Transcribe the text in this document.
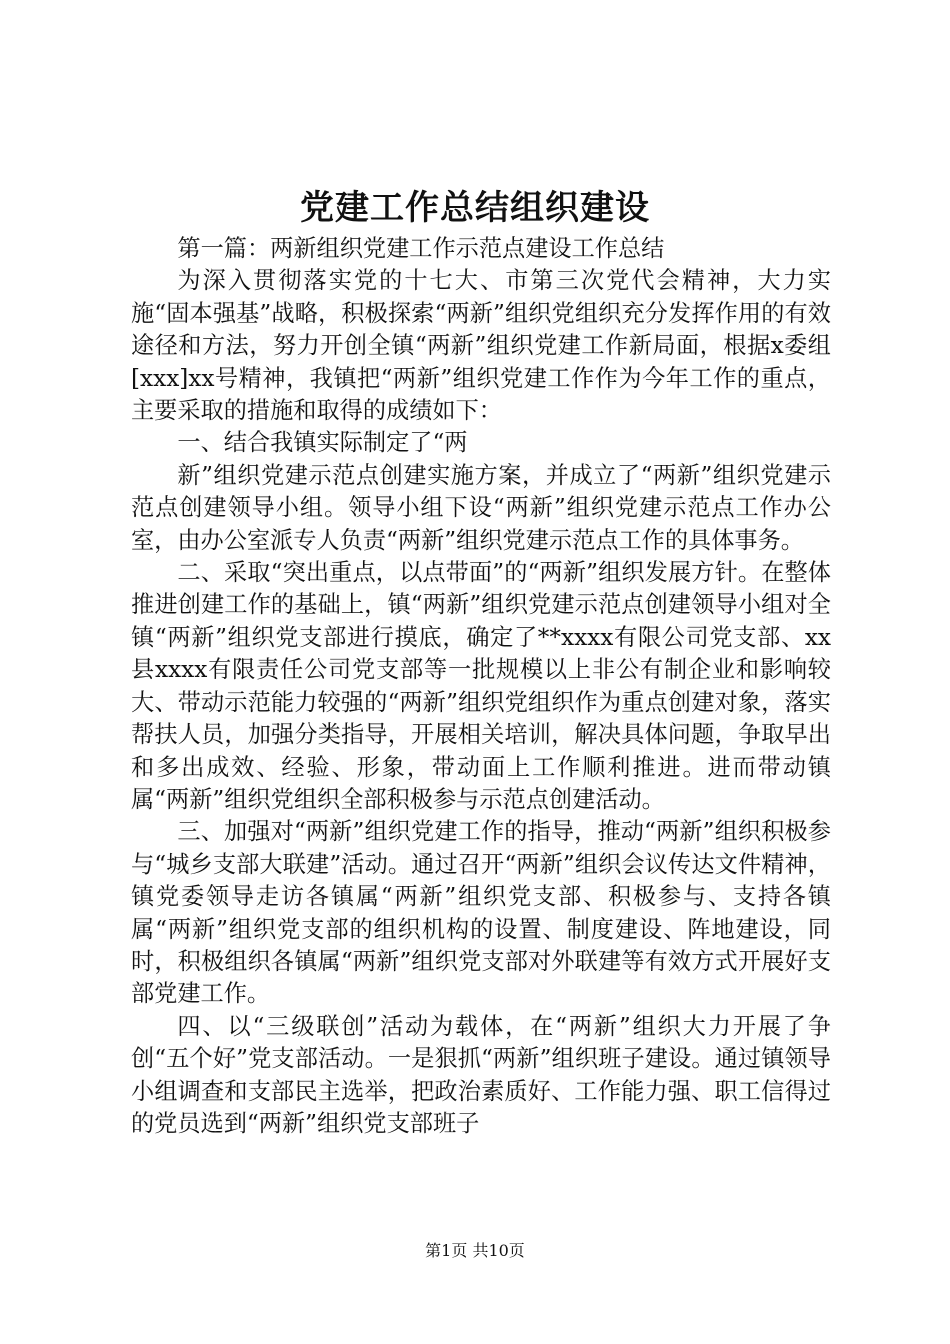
党建工作总结组织建设

第一篇：两新组织党建工作示范点建设工作总结

为深入贯彻落实党的十七大、市第三次党代会精神，大力实施“固本强基”战略，积极探索“两新”组织党组织充分发挥作用的有效途径和方法，努力开创全镇“两新”组织党建工作新局面，根据x委组[xxx]xx号精神，我镇把“两新”组织党建工作作为今年工作的重点，主要采取的措施和取得的成绩如下：

一、结合我镇实际制定了“两

新”组织党建示范点创建实施方案，并成立了“两新”组织党建示范点创建领导小组。领导小组下设“两新”组织党建示范点工作办公室，由办公室派专人负责“两新”组织党建示范点工作的具体事务。

二、采取“突出重点，以点带面”的“两新”组织发展方针。在整体推进创建工作的基础上，镇“两新”组织党建示范点创建领导小组对全镇“两新”组织党支部进行摸底，确定了**xxxx有限公司党支部、xx县xxxx有限责任公司党支部等一批规模以上非公有制企业和影响较大、带动示范能力较强的“两新”组织党组织作为重点创建对象，落实帮扶人员，加强分类指导，开展相关培训，解决具体问题，争取早出和多出成效、经验、形象，带动面上工作顺利推进。进而带动镇属“两新”组织党组织全部积极参与示范点创建活动。

三、加强对“两新”组织党建工作的指导，推动“两新”组织积极参与“城乡支部大联建”活动。通过召开“两新”组织会议传达文件精神，镇党委领导走访各镇属“两新”组织党支部、积极参与、支持各镇属“两新”组织党支部的组织机构的设置、制度建设、阵地建设，同时，积极组织各镇属“两新”组织党支部对外联建等有效方式开展好支部党建工作。

四、以“三级联创”活动为载体，在“两新”组织大力开展了争创“五个好”党支部活动。一是狠抓“两新”组织班子建设。通过镇领导小组调查和支部民主选举，把政治素质好、工作能力强、职工信得过的党员选到“两新”组织党支部班子

第1页 共10页
